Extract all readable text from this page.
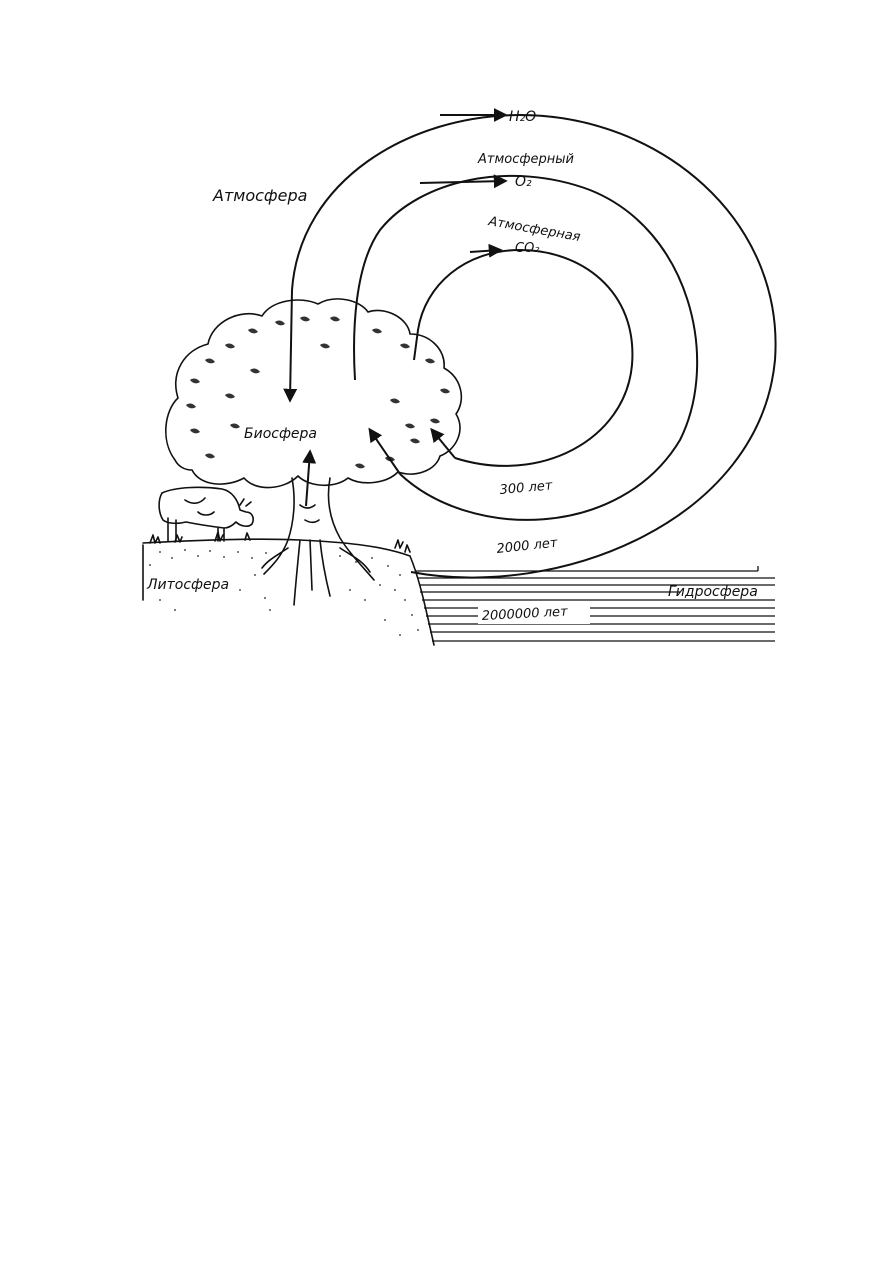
Атмосфера
Биосфера
Литосфера	Гидросфера
H₂O
Атмосферный
O₂
Атмосферная
CO₂
300 лет
2000 лет
2000000 лет
